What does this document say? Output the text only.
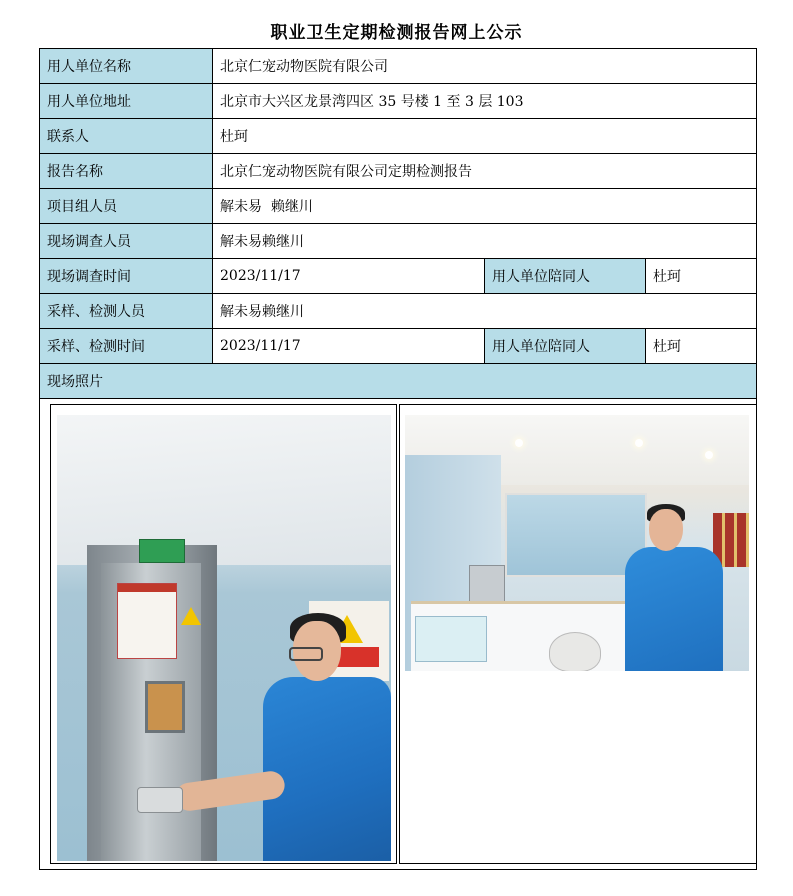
职业卫生定期检测报告网上公示
用人单位名称	北京仁宠动物医院有限公司		
用人单位地址	北京市大兴区龙景湾四区 35 号楼 1 至 3 层 103		
联系人	杜珂		
报告名称	北京仁宠动物医院有限公司定期检测报告		
项目组人员	解未易  赖继川		
现场调查人员	解未易赖继川		
现场调查时间	2023/11/17	用人单位陪同人	杜珂
采样、检测人员	解未易赖继川		
采样、检测时间	2023/11/17	用人单位陪同人	杜珂
现场照片			
